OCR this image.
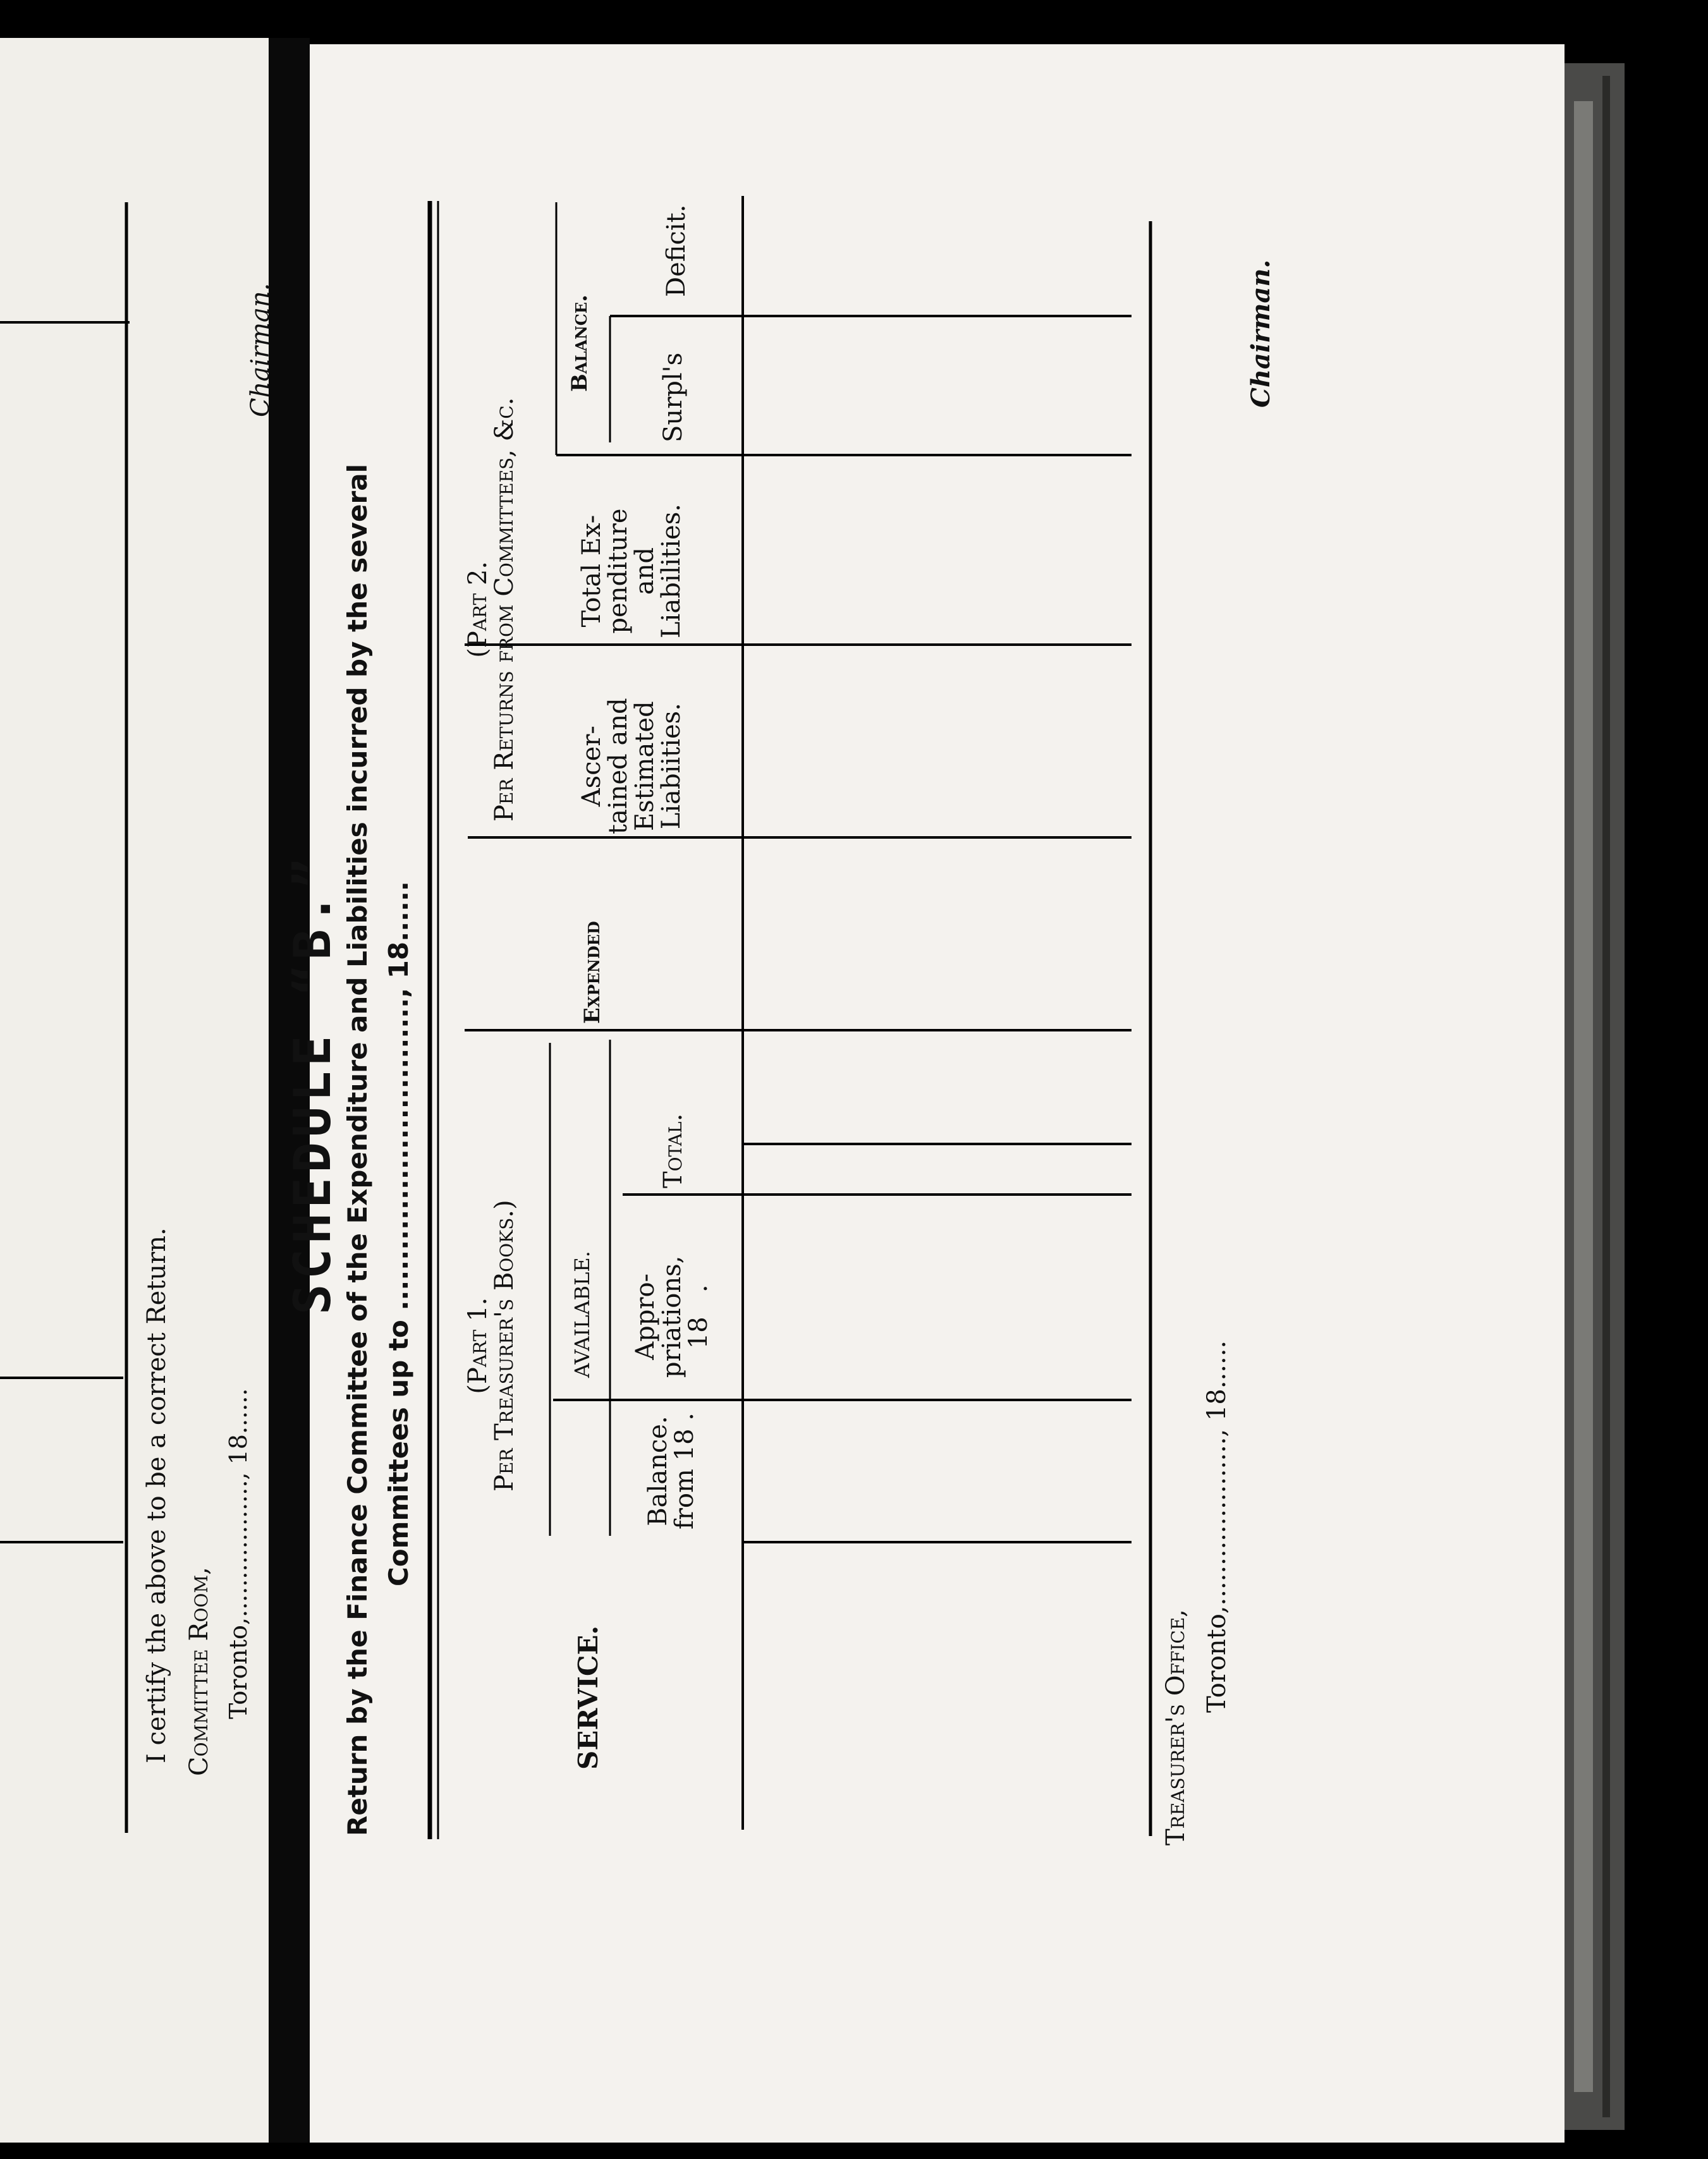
I certify the above to be a correct Return. Committee Room, Toronto,.................., 18......
Chairman.
Return by the Finance Committee of the Expenditure and Liabilities incurred by the several
SCHEDULE “B.” Committees up to ..............................., 18......
SERVICE.
(Part 1.
Per Treasurer's Books.)
AVAILABLE.
Balance.
from 18 .
Appro-
priations,
18   .
Total.
Expended
(Part 2.
Per Returns from Committees, &c.
Ascer-
tained and
Estimated
Liabiities.
Total Ex-
penditure
and
Liabilities.
Balance.
Surpl's
Deficit.
Treasurer's Office,
Toronto,....................., 18......
Chairman.
